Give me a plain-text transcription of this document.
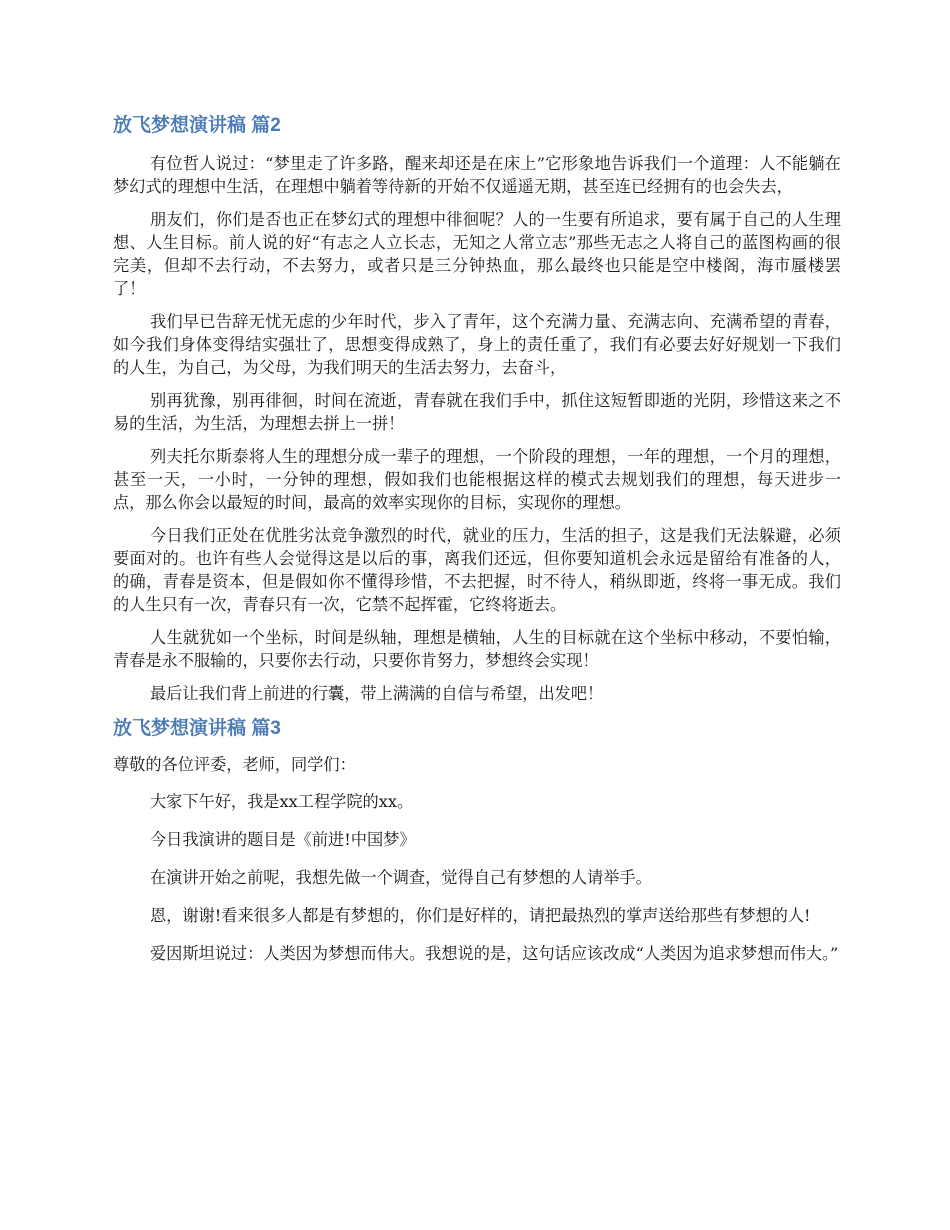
放飞梦想演讲稿 篇2

有位哲人说过：“梦里走了许多路，醒来却还是在床上”它形象地告诉我们一个道理：人不能躺在梦幻式的理想中生活，在理想中躺着等待新的开始不仅遥遥无期，甚至连已经拥有的也会失去，

朋友们，你们是否也正在梦幻式的理想中徘徊呢？人的一生要有所追求，要有属于自己的人生理想、人生目标。前人说的好“有志之人立长志，无知之人常立志”那些无志之人将自己的蓝图构画的很完美，但却不去行动，不去努力，或者只是三分钟热血，那么最终也只能是空中楼阁，海市蜃楼罢了！

我们早已告辞无忧无虑的少年时代，步入了青年，这个充满力量、充满志向、充满希望的青春，如今我们身体变得结实强壮了，思想变得成熟了，身上的责任重了，我们有必要去好好规划一下我们的人生，为自己，为父母，为我们明天的生活去努力，去奋斗，

别再犹豫，别再徘徊，时间在流逝，青春就在我们手中，抓住这短暂即逝的光阴，珍惜这来之不易的生活，为生活，为理想去拼上一拼！

列夫托尔斯泰将人生的理想分成一辈子的理想，一个阶段的理想，一年的理想，一个月的理想，甚至一天，一小时，一分钟的理想，假如我们也能根据这样的模式去规划我们的理想，每天进步一点，那么你会以最短的时间，最高的效率实现你的目标，实现你的理想。

今日我们正处在优胜劣汰竞争激烈的时代，就业的压力，生活的担子，这是我们无法躲避，必须要面对的。也许有些人会觉得这是以后的事，离我们还远，但你要知道机会永远是留给有准备的人，的确，青春是资本，但是假如你不懂得珍惜，不去把握，时不待人，稍纵即逝，终将一事无成。我们的人生只有一次，青春只有一次，它禁不起挥霍，它终将逝去。

人生就犹如一个坐标，时间是纵轴，理想是横轴，人生的目标就在这个坐标中移动，不要怕输，青春是永不服输的，只要你去行动，只要你肯努力，梦想终会实现！

最后让我们背上前进的行囊，带上满满的自信与希望，出发吧！

放飞梦想演讲稿 篇3

尊敬的各位评委，老师，同学们：

大家下午好，我是xx工程学院的xx。

今日我演讲的题目是《前进!中国梦》

在演讲开始之前呢，我想先做一个调查，觉得自己有梦想的人请举手。

恩，谢谢!看来很多人都是有梦想的，你们是好样的，请把最热烈的掌声送给那些有梦想的人!

爱因斯坦说过：人类因为梦想而伟大。我想说的是，这句话应该改成“人类因为追求梦想而伟大。”
